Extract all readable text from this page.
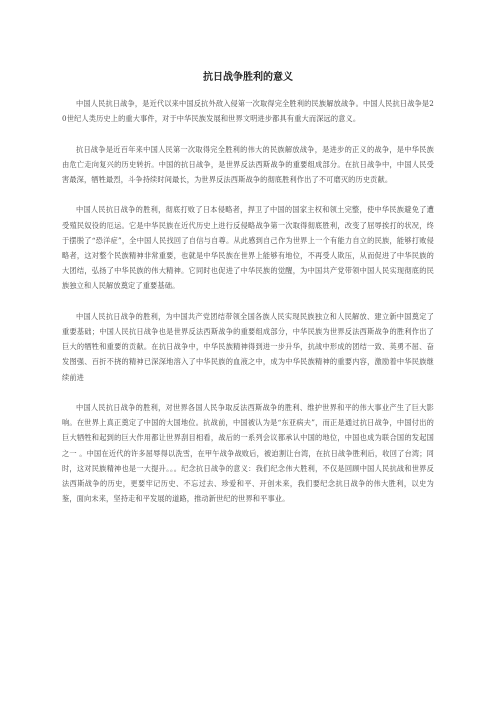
抗日战争胜利的意义

中国人民抗日战争，是近代以来中国反抗外敌入侵第一次取得完全胜利的民族解放战争。中国人民抗日战争是20世纪人类历史上的重大事件，对于中华民族发展和世界文明进步都具有重大而深远的意义。

抗日战争是近百年来中国人民第一次取得完全胜利的伟大的民族解放战争，是进步的正义的战争，是中华民族由危亡走向复兴的历史转折。中国的抗日战争，是世界反法西斯战争的重要组成部分。在抗日战争中，中国人民受害最深，牺牲最烈，斗争持续时间最长，为世界反法西斯战争的彻底胜利作出了不可磨灭的历史贡献。

中国人民抗日战争的胜利，彻底打败了日本侵略者，捍卫了中国的国家主权和领土完整，使中华民族避免了遭受殖民奴役的厄运。它是中华民族在近代历史上进行反侵略战争第一次取得彻底胜利，改变了屈辱挨打的状况，终于摆脱了“恐洋症”，全中国人民找回了自信与自尊。从此感到自己作为世界上一个有能力自立的民族，能够打败侵略者，这对整个民族精神非常重要，也就是中华民族在世界上能够有地位，不再受人欺压，从而促进了中华民族的大团结，弘扬了中华民族的伟大精神。它同时也促进了中华民族的觉醒，为中国共产党带领中国人民实现彻底的民族独立和人民解放奠定了重要基础。

中国人民抗日战争的胜利，为中国共产党团结带领全国各族人民实现民族独立和人民解放、建立新中国奠定了重要基础；中国人民抗日战争也是世界反法西斯战争的重要组成部分，中华民族为世界反法西斯战争的胜利作出了巨大的牺牲和重要的贡献。在抗日战争中，中华民族精神得到进一步升华，抗战中形成的团结一致、英勇不屈、奋发图强、百折不挠的精神已深深地溶入了中华民族的血液之中，成为中华民族精神的重要内容，激励着中华民族继续前进

中国人民抗日战争的胜利，对世界各国人民争取反法西斯战争的胜利、维护世界和平的伟大事业产生了巨大影响。在世界上真正奠定了中国的大国地位。抗战前，中国被认为是“东亚病夫”，而正是通过抗日战争，中国付出的巨大牺牲和起到的巨大作用都让世界刮目相看，战后的一系列会议都承认中国的地位，中国也成为联合国的发起国之一 。中国在近代的许多屈辱得以洗雪，在甲午战争战败后，被迫割让台湾，在抗日战争胜利后，收回了台湾；同时，这对民族精神也是一大提升。。。纪念抗日战争的意义：我们纪念伟大胜利，不仅是回顾中国人民抗战和世界反法西斯战争的历史，更要牢记历史、不忘过去、珍爱和平、开创未来，我们要纪念抗日战争的伟大胜利，以史为鉴，面向未来，坚持走和平发展的道路，推动新世纪的世界和平事业。
